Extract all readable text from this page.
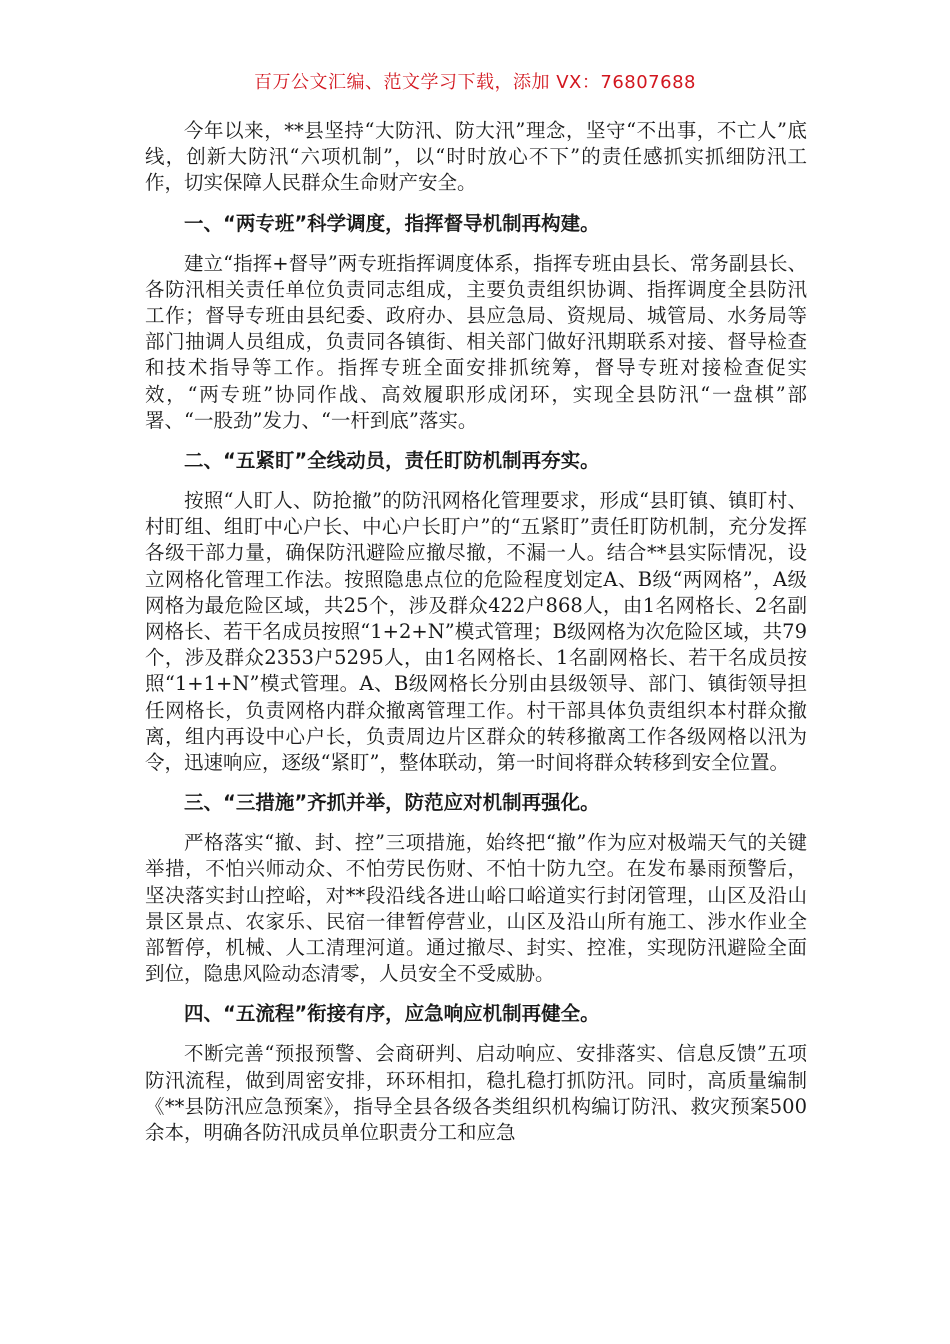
百万公文汇编、范文学习下载，添加 VX：76807688

今年以来，**县坚持“大防汛、防大汛”理念，坚守“不出事，不亡人”底线，创新大防汛“六项机制”，以“时时放心不下”的责任感抓实抓细防汛工作，切实保障人民群众生命财产安全。

一、“两专班”科学调度，指挥督导机制再构建。

建立“指挥+督导”两专班指挥调度体系，指挥专班由县长、常务副县长、各防汛相关责任单位负责同志组成，主要负责组织协调、指挥调度全县防汛工作；督导专班由县纪委、政府办、县应急局、资规局、城管局、水务局等部门抽调人员组成，负责同各镇街、相关部门做好汛期联系对接、督导检查和技术指导等工作。指挥专班全面安排抓统筹，督导专班对接检查促实效，“两专班”协同作战、高效履职形成闭环，实现全县防汛“一盘棋”部署、“一股劲”发力、“一杆到底”落实。

二、“五紧盯”全线动员，责任盯防机制再夯实。

按照“人盯人、防抢撤”的防汛网格化管理要求，形成“县盯镇、镇盯村、村盯组、组盯中心户长、中心户长盯户”的“五紧盯”责任盯防机制，充分发挥各级干部力量，确保防汛避险应撤尽撤，不漏一人。结合**县实际情况，设立网格化管理工作法。按照隐患点位的危险程度划定A、B级“两网格”，A级网格为最危险区域，共25个，涉及群众422户868人，由1名网格长、2名副网格长、若干名成员按照“1+2+N”模式管理；B级网格为次危险区域，共79个，涉及群众2353户5295人，由1名网格长、1名副网格长、若干名成员按照“1+1+N”模式管理。A、B级网格长分别由县级领导、部门、镇街领导担任网格长，负责网格内群众撤离管理工作。村干部具体负责组织本村群众撤离，组内再设中心户长，负责周边片区群众的转移撤离工作各级网格以汛为令，迅速响应，逐级“紧盯”，整体联动，第一时间将群众转移到安全位置。

三、“三措施”齐抓并举，防范应对机制再强化。

严格落实“撤、封、控”三项措施，始终把“撤”作为应对极端天气的关键举措，不怕兴师动众、不怕劳民伤财、不怕十防九空。在发布暴雨预警后，坚决落实封山控峪，对**段沿线各进山峪口峪道实行封闭管理，山区及沿山景区景点、农家乐、民宿一律暂停营业，山区及沿山所有施工、涉水作业全部暂停，机械、人工清理河道。通过撤尽、封实、控准，实现防汛避险全面到位，隐患风险动态清零，人员安全不受威胁。

四、“五流程”衔接有序，应急响应机制再健全。

不断完善“预报预警、会商研判、启动响应、安排落实、信息反馈”五项防汛流程，做到周密安排，环环相扣，稳扎稳打抓防汛。同时，高质量编制《**县防汛应急预案》，指导全县各级各类组织机构编订防汛、救灾预案500余本，明确各防汛成员单位职责分工和应急
